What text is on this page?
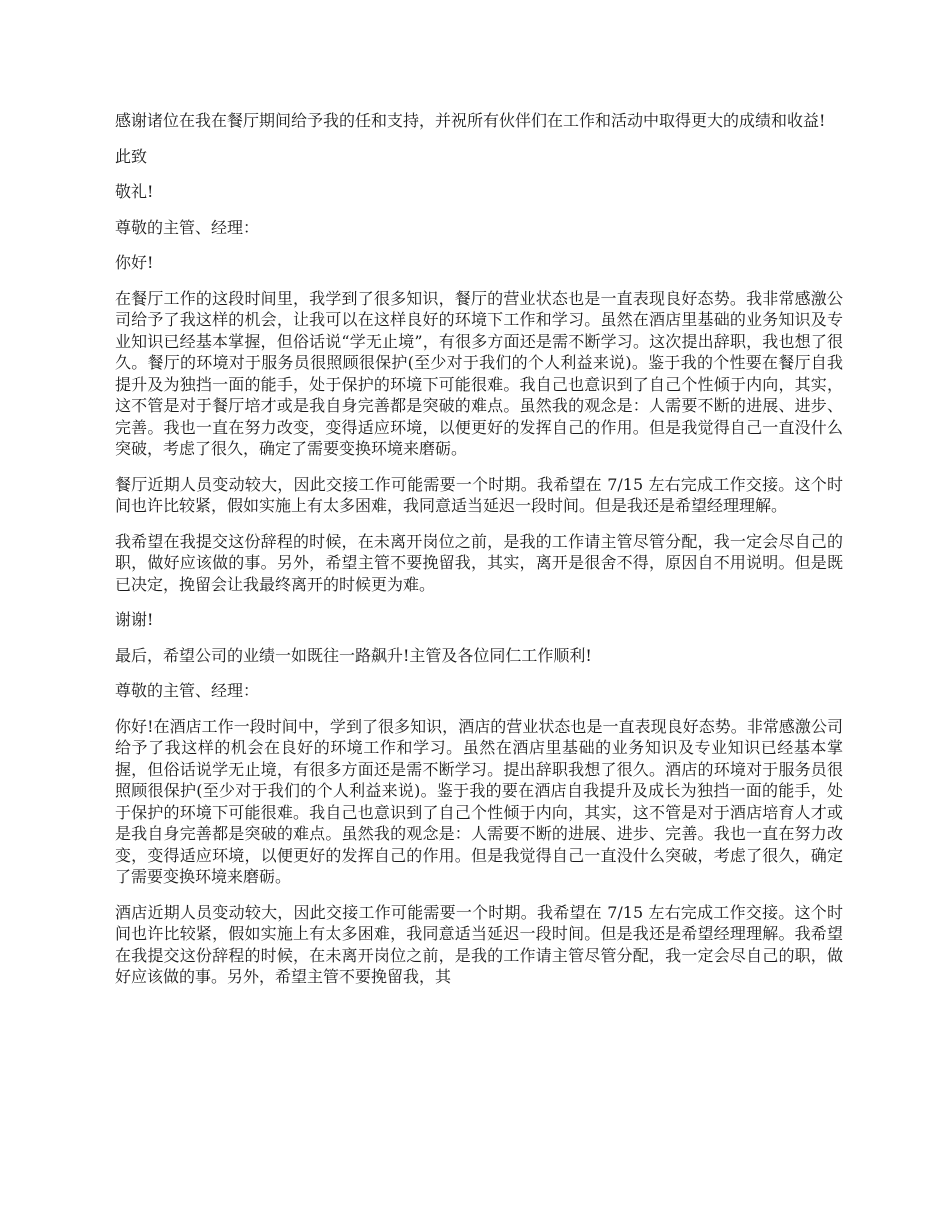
感谢诸位在我在餐厅期间给予我的任和支持，并祝所有伙伴们在工作和活动中取得更大的成绩和收益!

此致

敬礼!

尊敬的主管、经理：

你好!

在餐厅工作的这段时间里，我学到了很多知识，餐厅的营业状态也是一直表现良好态势。我非常感激公司给予了我这样的机会，让我可以在这样良好的环境下工作和学习。虽然在酒店里基础的业务知识及专业知识已经基本掌握，但俗话说“学无止境”，有很多方面还是需不断学习。这次提出辞职，我也想了很久。餐厅的环境对于服务员很照顾很保护(至少对于我们的个人利益来说)。鉴于我的个性要在餐厅自我提升及为独挡一面的能手，处于保护的环境下可能很难。我自己也意识到了自己个性倾于内向，其实，这不管是对于餐厅培才或是我自身完善都是突破的难点。虽然我的观念是：人需要不断的进展、进步、完善。我也一直在努力改变，变得适应环境，以便更好的发挥自己的作用。但是我觉得自己一直没什么突破，考虑了很久，确定了需要变换环境来磨砺。

餐厅近期人员变动较大，因此交接工作可能需要一个时期。我希望在 7/15 左右完成工作交接。这个时间也许比较紧，假如实施上有太多困难，我同意适当延迟一段时间。但是我还是希望经理理解。

我希望在我提交这份辞程的时候，在未离开岗位之前，是我的工作请主管尽管分配，我一定会尽自己的职，做好应该做的事。另外，希望主管不要挽留我，其实，离开是很舍不得，原因自不用说明。但是既已决定，挽留会让我最终离开的时候更为难。

谢谢!

最后，希望公司的业绩一如既往一路飙升!主管及各位同仁工作顺利!

尊敬的主管、经理：

你好!在酒店工作一段时间中，学到了很多知识，酒店的营业状态也是一直表现良好态势。非常感激公司给予了我这样的机会在良好的环境工作和学习。虽然在酒店里基础的业务知识及专业知识已经基本掌握，但俗话说学无止境，有很多方面还是需不断学习。提出辞职我想了很久。酒店的环境对于服务员很照顾很保护(至少对于我们的个人利益来说)。鉴于我的要在酒店自我提升及成长为独挡一面的能手，处于保护的环境下可能很难。我自己也意识到了自己个性倾于内向，其实，这不管是对于酒店培育人才或是我自身完善都是突破的难点。虽然我的观念是：人需要不断的进展、进步、完善。我也一直在努力改变，变得适应环境，以便更好的发挥自己的作用。但是我觉得自己一直没什么突破，考虑了很久，确定了需要变换环境来磨砺。

酒店近期人员变动较大，因此交接工作可能需要一个时期。我希望在 7/15 左右完成工作交接。这个时间也许比较紧，假如实施上有太多困难，我同意适当延迟一段时间。但是我还是希望经理理解。我希望在我提交这份辞程的时候，在未离开岗位之前，是我的工作请主管尽管分配，我一定会尽自己的职，做好应该做的事。另外，希望主管不要挽留我，其
